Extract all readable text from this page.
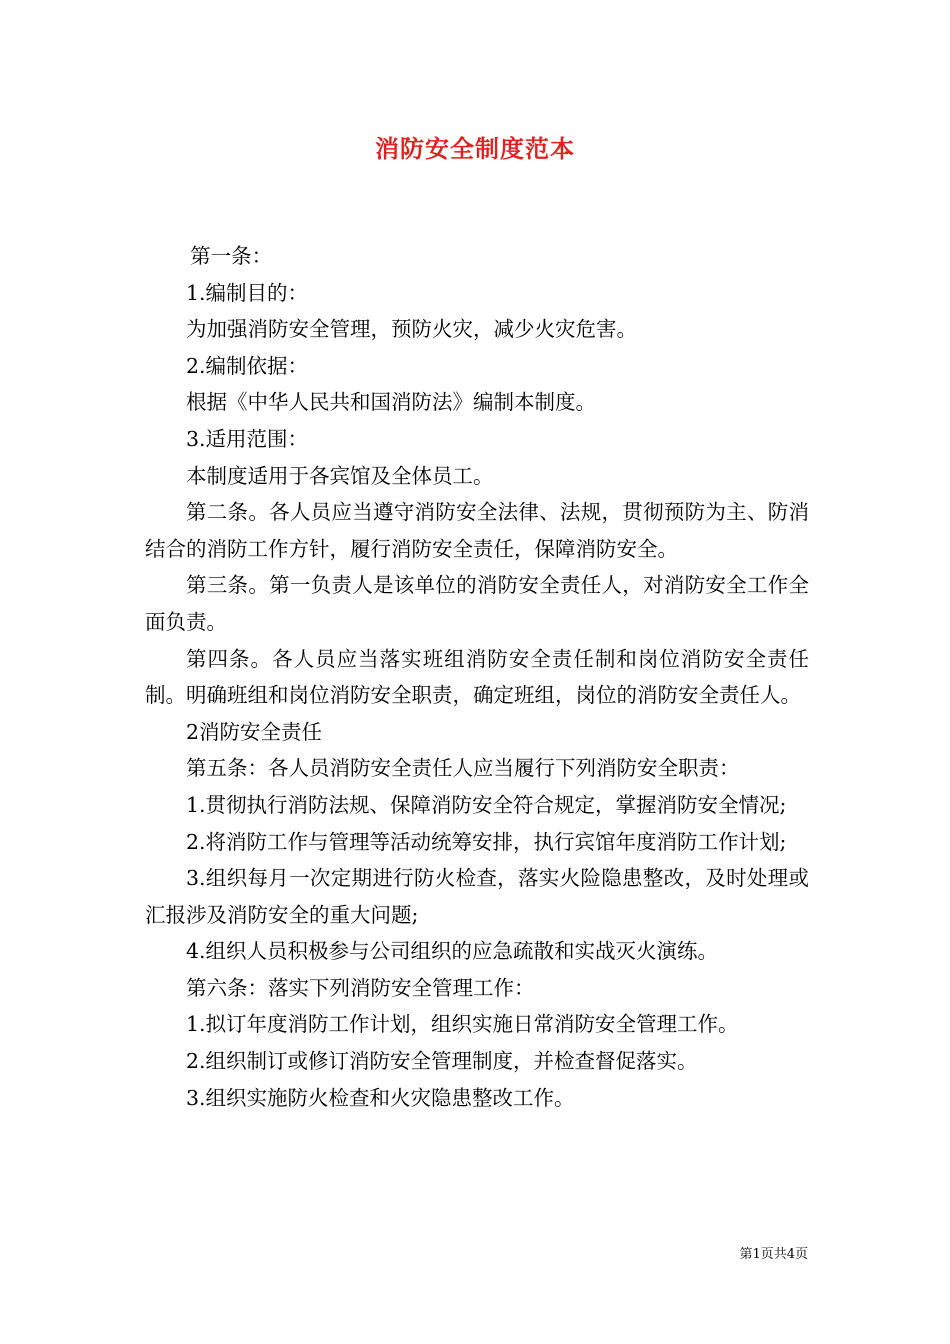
消防安全制度范本

第一条：

1.编制目的：

为加强消防安全管理，预防火灾，减少火灾危害。

2.编制依据：

根据《中华人民共和国消防法》编制本制度。

3.适用范围：

本制度适用于各宾馆及全体员工。

第二条。各人员应当遵守消防安全法律、法规，贯彻预防为主、防消结合的消防工作方针，履行消防安全责任，保障消防安全。

第三条。第一负责人是该单位的消防安全责任人，对消防安全工作全面负责。

第四条。各人员应当落实班组消防安全责任制和岗位消防安全责任制。明确班组和岗位消防安全职责，确定班组，岗位的消防安全责任人。

2消防安全责任

第五条：各人员消防安全责任人应当履行下列消防安全职责：

1.贯彻执行消防法规、保障消防安全符合规定，掌握消防安全情况;

2.将消防工作与管理等活动统筹安排，执行宾馆年度消防工作计划;

3.组织每月一次定期进行防火检查，落实火险隐患整改，及时处理或汇报涉及消防安全的重大问题;

4.组织人员积极参与公司组织的应急疏散和实战灭火演练。

第六条：落实下列消防安全管理工作：

1.拟订年度消防工作计划，组织实施日常消防安全管理工作。

2.组织制订或修订消防安全管理制度，并检查督促落实。

3.组织实施防火检查和火灾隐患整改工作。

第1页共4页
